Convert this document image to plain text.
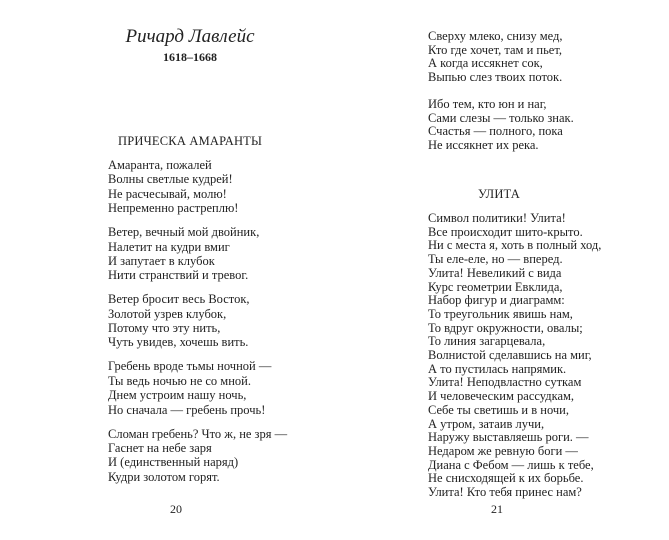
Ричард Лавлейс
1618–1668
ПРИЧЕСКА АМАРАНТЫ
Амаранта, пожалей
Волны светлые кудрей!
Не расчесывай, молю!
Непременно растреплю!
Ветер, вечный мой двойник,
Налетит на кудри вмиг
И запутает в клубок
Нити странствий и тревог.
Ветер бросит весь Восток,
Золотой узрев клубок,
Потому что эту нить,
Чуть увидев, хочешь вить.
Гребень вроде тьмы ночной —
Ты ведь ночью не со мной.
Днем устроим нашу ночь,
Но сначала — гребень прочь!
Сломан гребень? Что ж, не зря —
Гаснет на небе заря
И (единственный наряд)
Кудри золотом горят.
20
Сверху млеко, снизу мед,
Кто где хочет, там и пьет,
А когда иссякнет сок,
Выпью слез твоих поток.
Ибо тем, кто юн и наг,
Сами слезы — только знак.
Счастья — полного, пока
Не иссякнет их река.
УЛИТА
Символ политики! Улита!
Все происходит шито-крыто.
Ни с места я, хоть в полный ход,
Ты еле-еле, но — вперед.
Улита! Невеликий с вида
Курс геометрии Евклида,
Набор фигур и диаграмм:
То треугольник явишь нам,
То вдруг окружности, овалы;
То линия загарцевала,
Волнистой сделавшись на миг,
А то пустилась напрямик.
Улита! Неподвластно суткам
И человеческим рассудкам,
Себе ты светишь и в ночи,
А утром, затаив лучи,
Наружу выставляешь роги. —
Недаром же ревную боги —
Диана с Фебом — лишь к тебе,
Не снисходящей к их борьбе.
Улита! Кто тебя принес нам?
21
